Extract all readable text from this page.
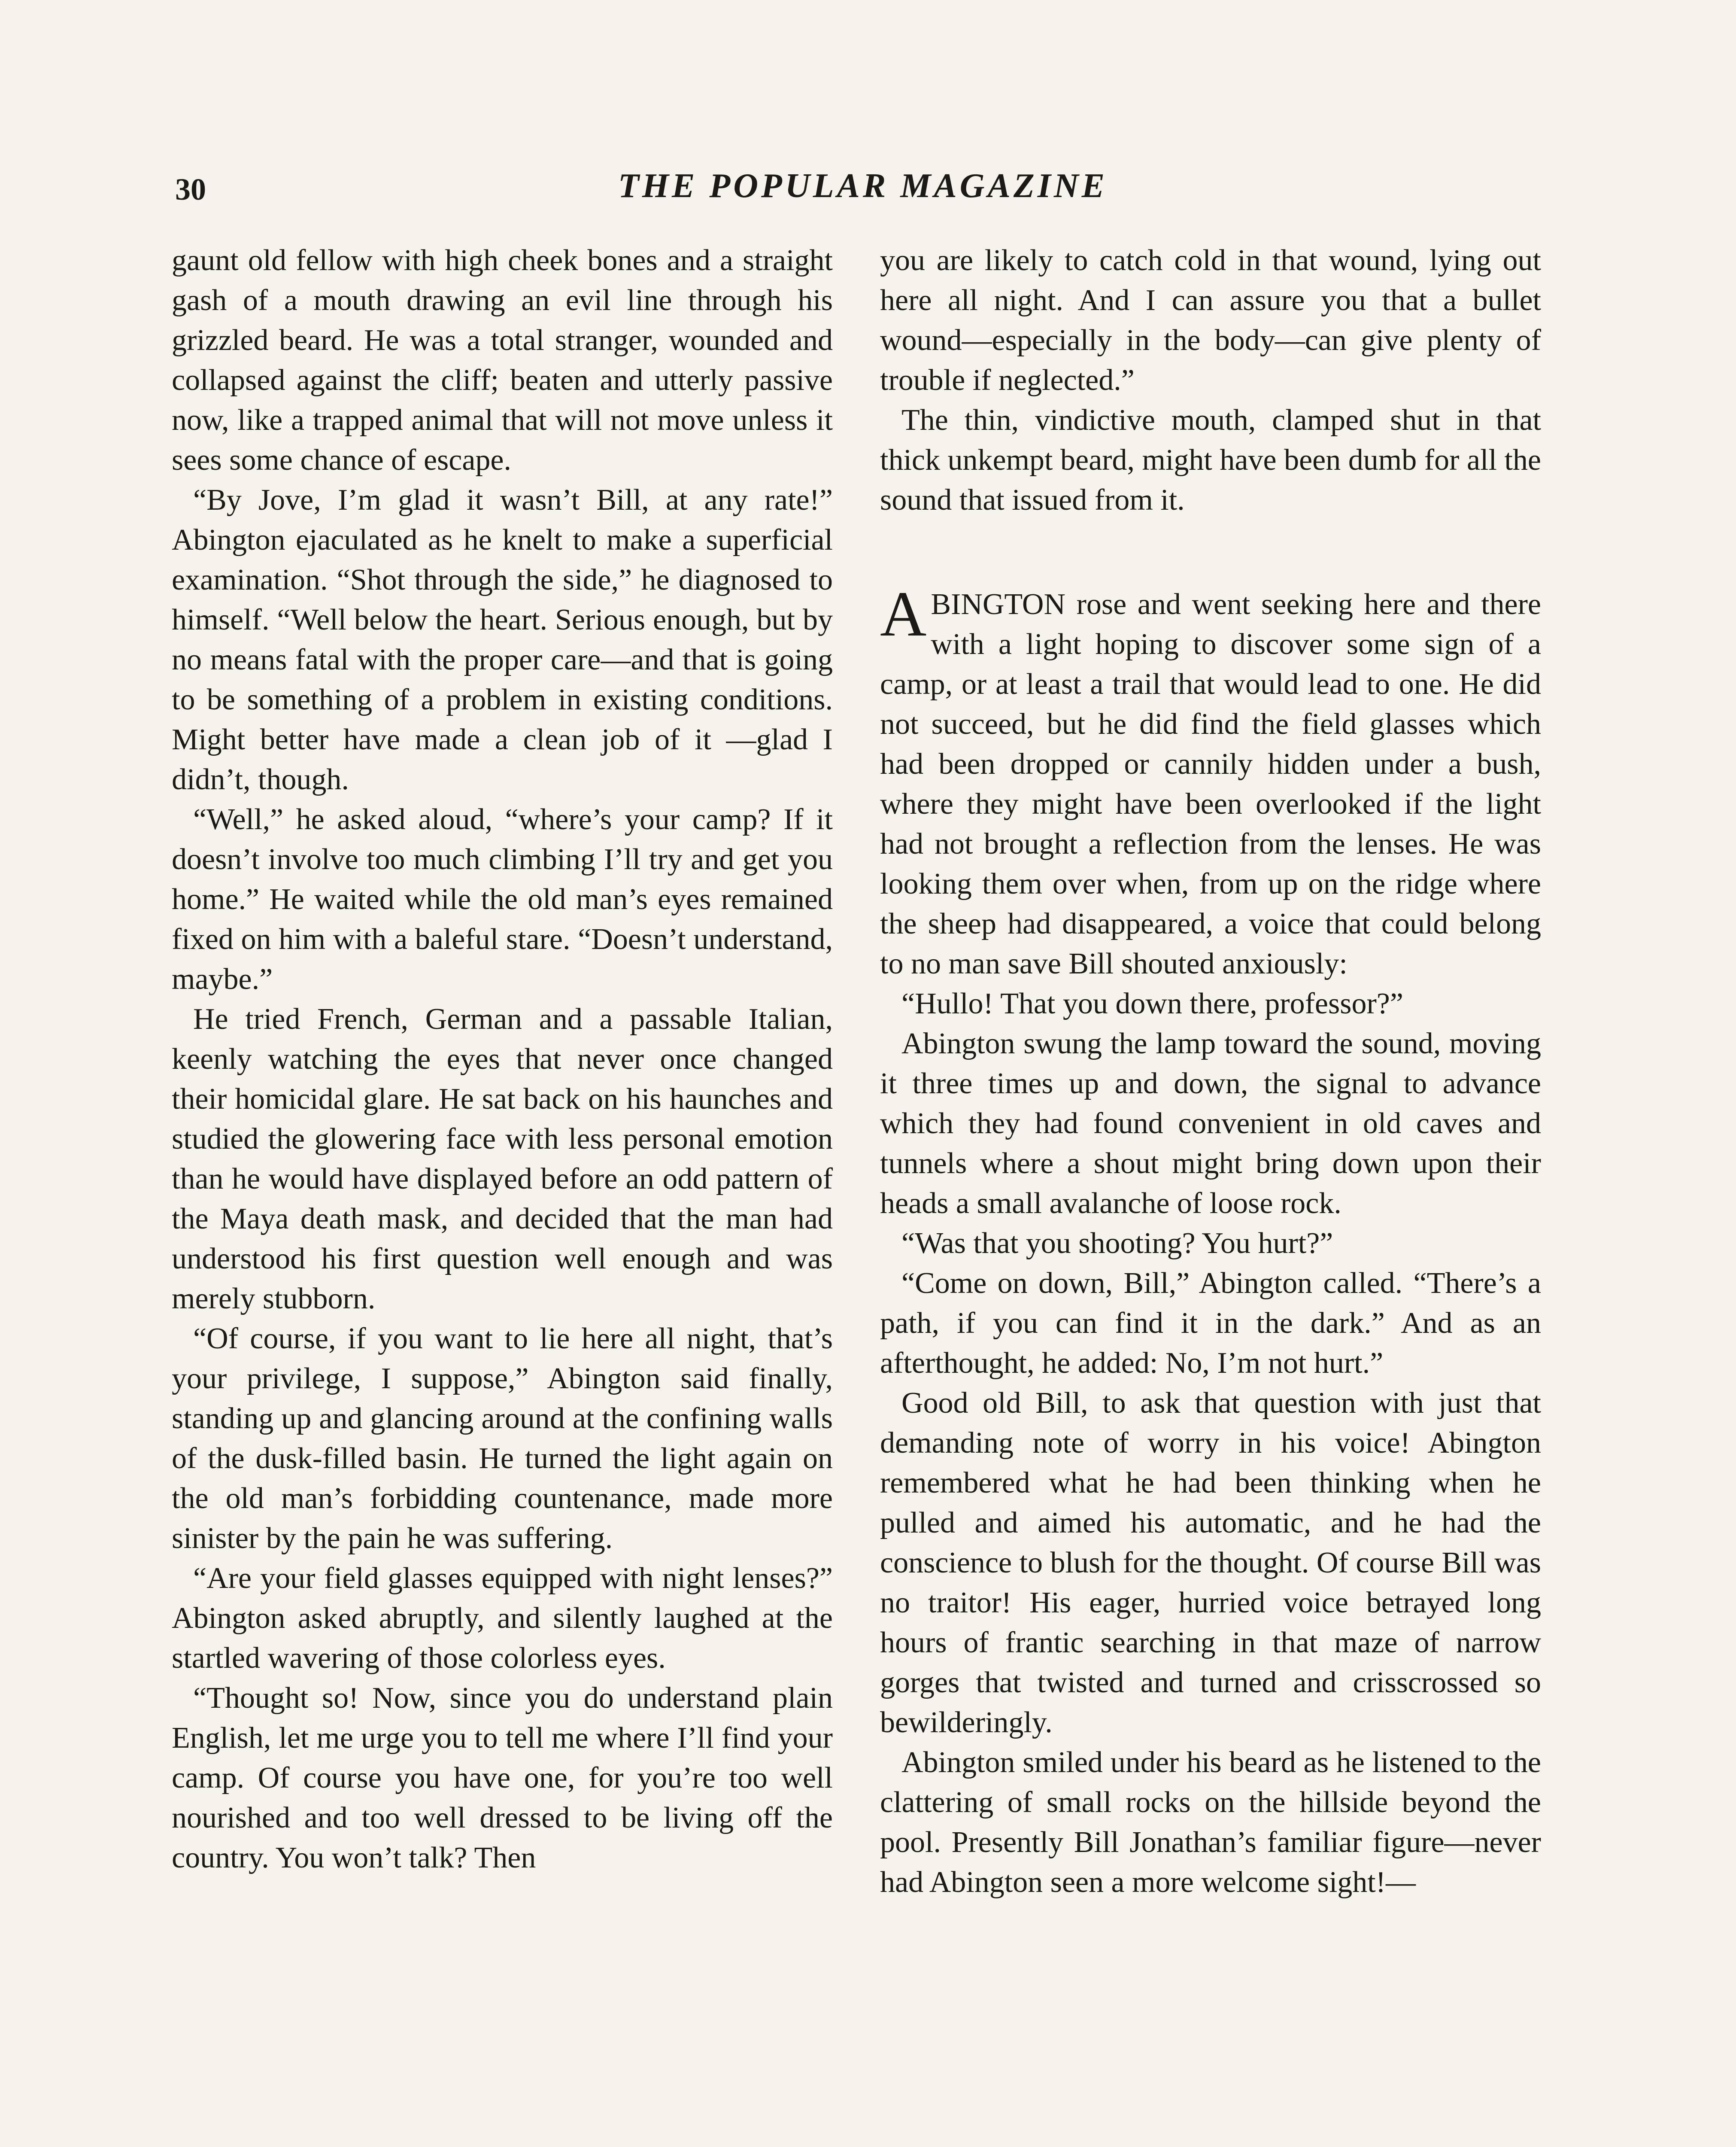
30	THE POPULAR MAGAZINE

gaunt old fellow with high cheek bones and a straight gash of a mouth drawing an evil line through his grizzled beard. He was a total stranger, wounded and collapsed against the cliff; beaten and utterly passive now, like a trapped animal that will not move unless it sees some chance of escape.

“By Jove, I’m glad it wasn’t Bill, at any rate!” Abington ejaculated as he knelt to make a superficial examination. “Shot through the side,” he diagnosed to himself. “Well below the heart. Serious enough, but by no means fatal with the proper care—and that is going to be something of a problem in existing conditions. Might better have made a clean job of it —glad I didn’t, though.

“Well,” he asked aloud, “where’s your camp? If it doesn’t involve too much climbing I’ll try and get you home.” He waited while the old man’s eyes remained fixed on him with a baleful stare. “Doesn’t understand, maybe.”

He tried French, German and a passable Italian, keenly watching the eyes that never once changed their homicidal glare. He sat back on his haunches and studied the glowering face with less personal emotion than he would have displayed before an odd pattern of the Maya death mask, and decided that the man had understood his first question well enough and was merely stubborn.

“Of course, if you want to lie here all night, that’s your privilege, I suppose,” Abington said finally, standing up and glancing around at the confining walls of the dusk-filled basin. He turned the light again on the old man’s forbidding countenance, made more sinister by the pain he was suffering.

“Are your field glasses equipped with night lenses?” Abington asked abruptly, and silently laughed at the startled wavering of those colorless eyes.

“Thought so! Now, since you do understand plain English, let me urge you to tell me where I’ll find your camp. Of course you have one, for you’re too well nourished and too well dressed to be living off the country. You won’t talk? Then

you are likely to catch cold in that wound, lying out here all night. And I can assure you that a bullet wound—especially in the body—can give plenty of trouble if neglected.”

The thin, vindictive mouth, clamped shut in that thick unkempt beard, might have been dumb for all the sound that issued from it.

ABINGTON rose and went seeking here and there with a light hoping to discover some sign of a camp, or at least a trail that would lead to one. He did not succeed, but he did find the field glasses which had been dropped or cannily hidden under a bush, where they might have been overlooked if the light had not brought a reflection from the lenses. He was looking them over when, from up on the ridge where the sheep had disappeared, a voice that could belong to no man save Bill shouted anxiously:

“Hullo! That you down there, professor?”

Abington swung the lamp toward the sound, moving it three times up and down, the signal to advance which they had found convenient in old caves and tunnels where a shout might bring down upon their heads a small avalanche of loose rock.

“Was that you shooting? You hurt?”

“Come on down, Bill,” Abington called. “There’s a path, if you can find it in the dark.” And as an afterthought, he added: No, I’m not hurt.”

Good old Bill, to ask that question with just that demanding note of worry in his voice! Abington remembered what he had been thinking when he pulled and aimed his automatic, and he had the conscience to blush for the thought. Of course Bill was no traitor! His eager, hurried voice betrayed long hours of frantic searching in that maze of narrow gorges that twisted and turned and crisscrossed so bewilderingly.

Abington smiled under his beard as he listened to the clattering of small rocks on the hillside beyond the pool. Presently Bill Jonathan’s familiar figure—never had Abington seen a more welcome sight!—
